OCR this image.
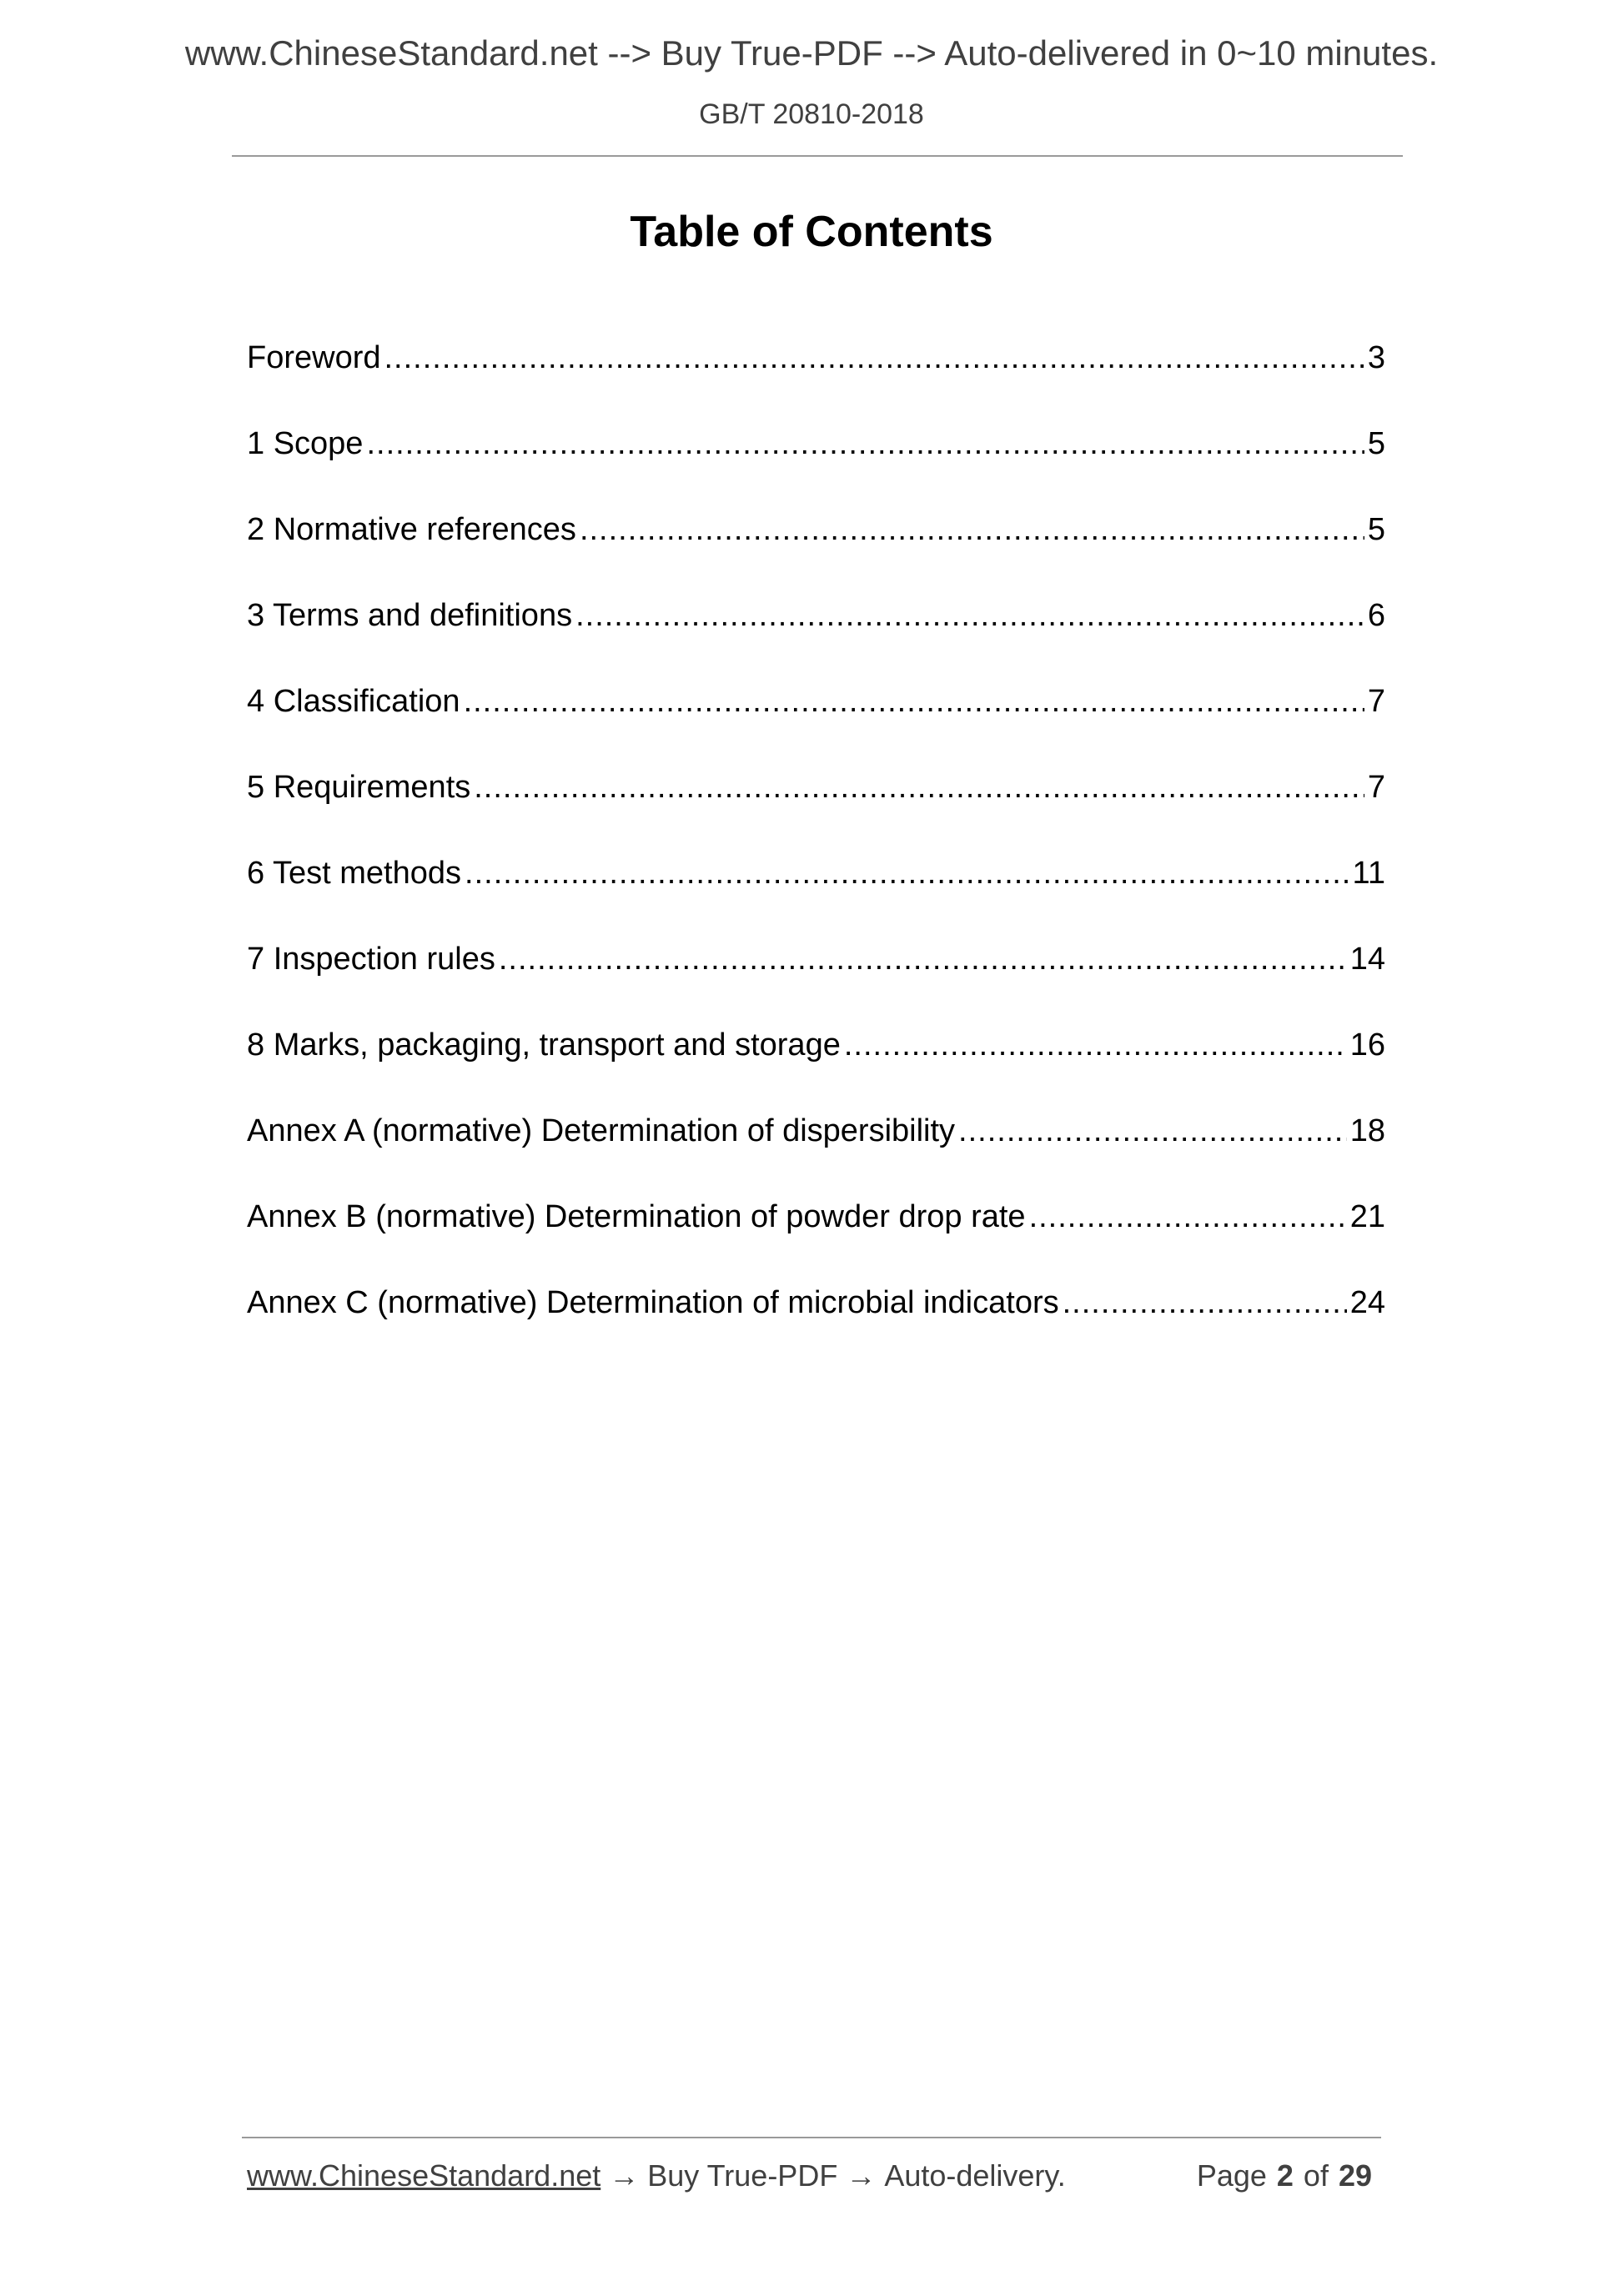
www.ChineseStandard.net --> Buy True-PDF --> Auto-delivered in 0~10 minutes.
GB/T 20810-2018
Table of Contents
Foreword .....	3
1 Scope .....	5
2 Normative references .....	5
3 Terms and definitions .....	6
4 Classification .....	7
5 Requirements .....	7
6 Test methods .....	11
7 Inspection rules .....	14
8 Marks, packaging, transport and storage .....	16
Annex A (normative) Determination of dispersibility .....	18
Annex B (normative) Determination of powder drop rate .....	21
Annex C (normative) Determination of microbial indicators .....	24
www.ChineseStandard.net → Buy True-PDF → Auto-delivery.	Page 2 of 29
